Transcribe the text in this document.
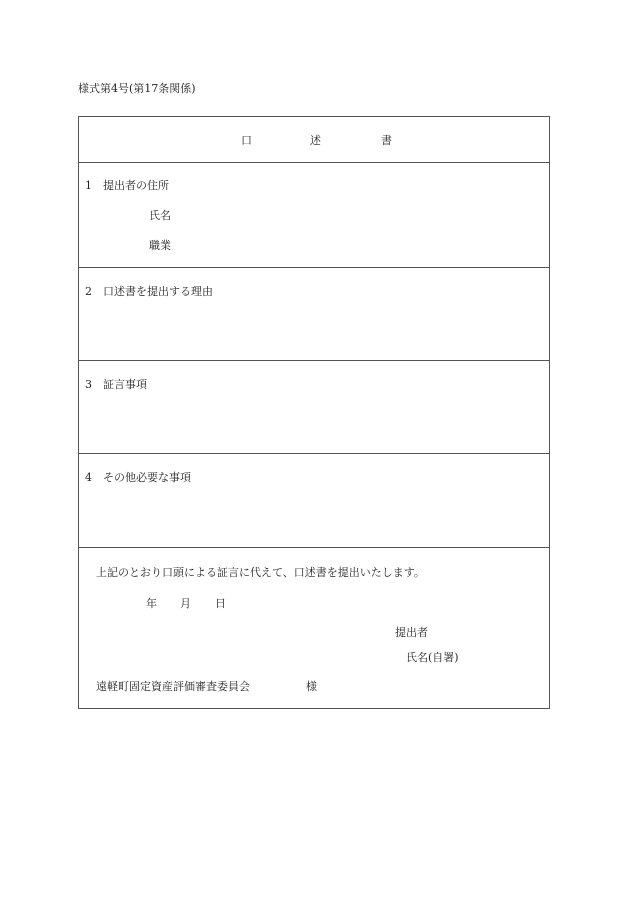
様式第4号(第17条関係)
口	述	書
1　提出者の住所
氏名
職業
2　口述書を提出する理由
3　証言事項
4　その他必要な事項
上記のとおり口頭による証言に代えて、口述書を提出いたします。
年 月 日
提出者
氏名(自署)
遠軽町固定資産評価審査委員会	様
